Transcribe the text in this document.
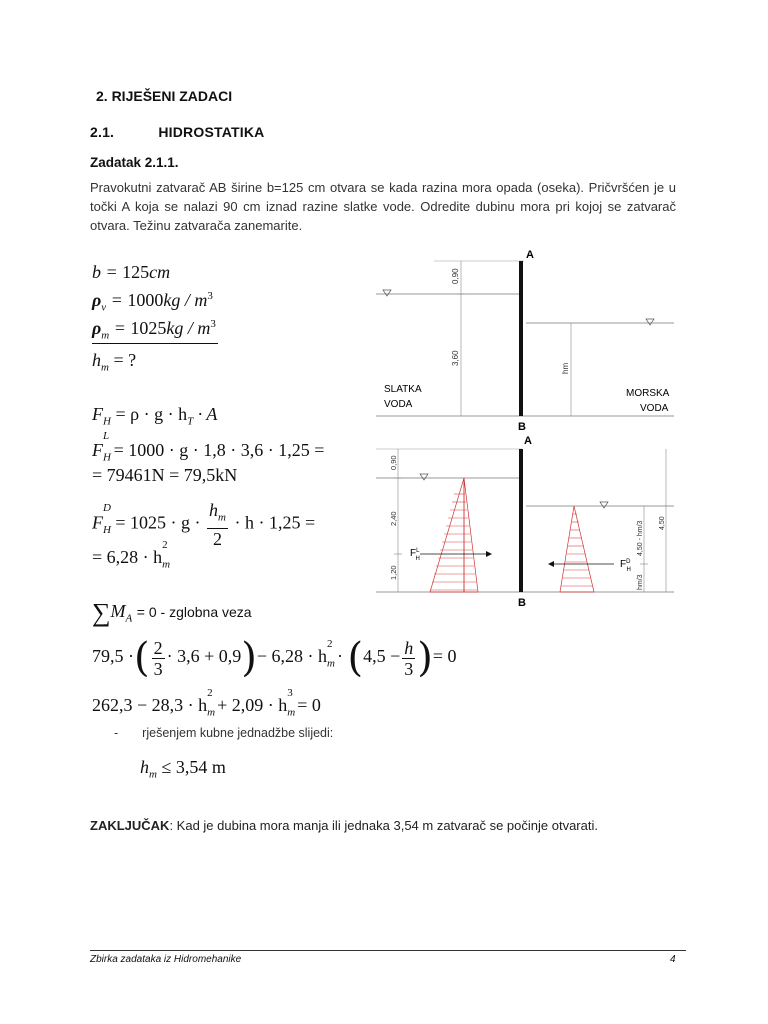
2. RIJEŠENI ZADACI
2.1.	HIDROSTATIKA
Zadatak 2.1.1.
Pravokutni zatvarač AB širine b=125 cm otvara se kada razina mora opada (oseka). Pričvršćen je u točki A koja se nalazi 90 cm iznad razine slatke vode. Odredite dubinu mora pri kojoj se zatvarač otvara. Težinu zatvarača zanemarite.
b = 125cm
$\rho_v = 1000kg / m^3$
$\rho_m = 1025kg / m^3$
$h_m$ = ?
$F_H = \rho \cdot g \cdot h_T \cdot A$
$F_H^L = 1000 \cdot g \cdot 1,8 \cdot 3,6 \cdot 1,25$ =
= 79461N = 79,5kN
$F_H^D = 1025 \cdot g \cdot \frac{h_m}{2} \cdot h \cdot 1,25$ =
= $6,28 \cdot h_m^2$
$\sum M_A = 0$ - zglobna veza
79,5 ·( $\frac{2}{3} \cdot 3,6 + 0,9)- 6,28 \cdot h_m^2 \cdot (4,5 - \frac{h}{3}$ )= 0
$262,3 - 28,3 \cdot h_m^2 + 2,09 \cdot h_m^3 = 0$
- rješenjem kubne jednadžbe slijedi:
$h_m \le 3,54$ m
ZAKLJUČAK: Kad je dubina mora manja ili jednaka 3,54 m zatvarač se počinje otvarati.
0,90
3,60
hm
A
B
SLATKA
VODA
MORSKA
VODA
$F^L$ H	$F^D$ H
0,90
2,40
1,20
4,50 - hm/3
hm/3
4,50
A
B
Zbirka zadataka iz Hidromehanike	4
